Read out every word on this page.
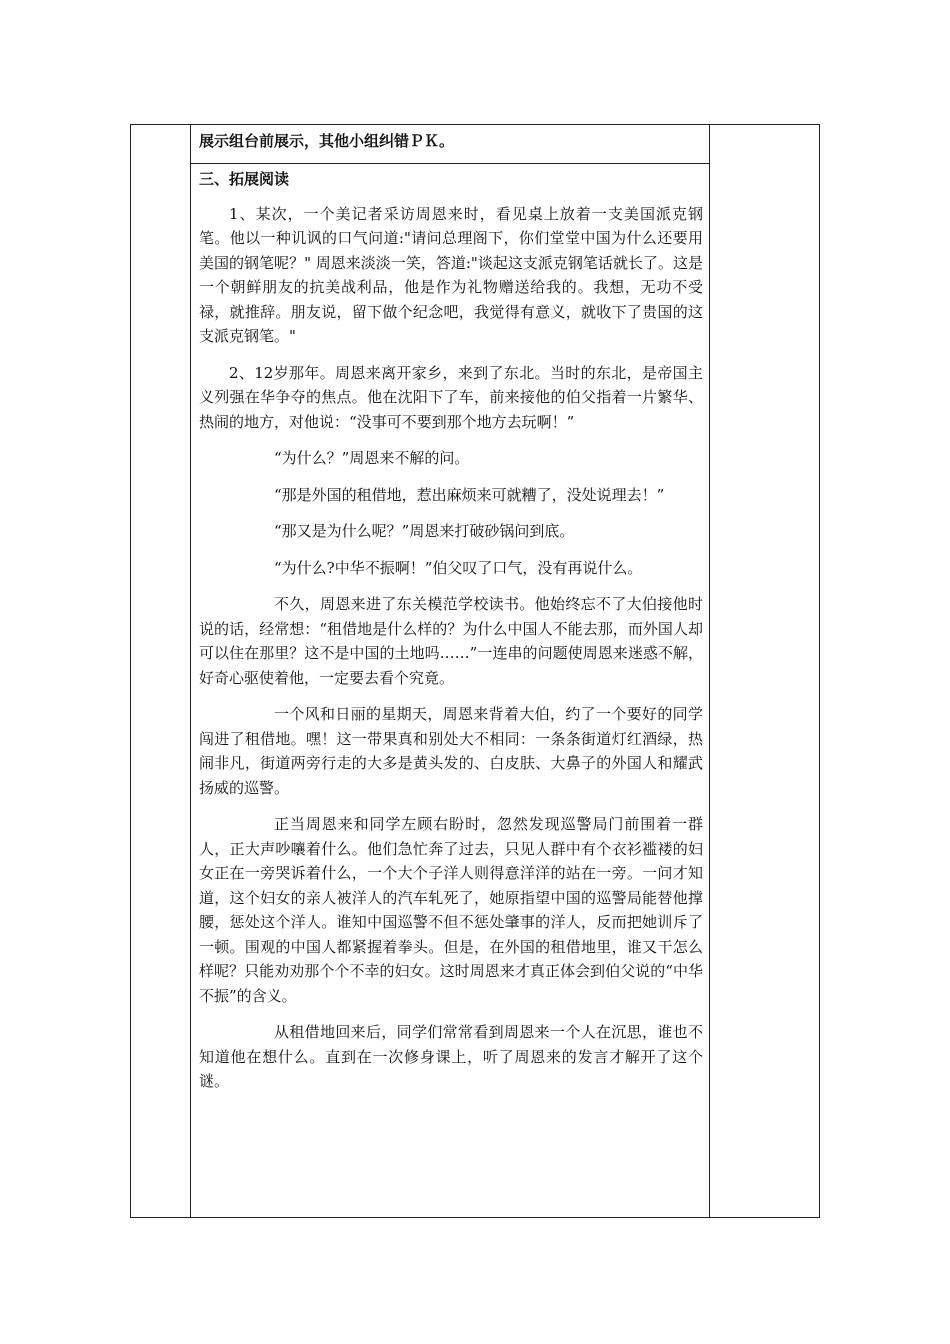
展示组台前展示，其他小组纠错ＰＫ。
三、拓展阅读

1、某次，一个美记者采访周恩来时，看见桌上放着一支美国派克钢笔。他以一种讥讽的口气问道:"请问总理阁下，你们堂堂中国为什么还要用美国的钢笔呢？" 周恩来淡淡一笑，答道:"谈起这支派克钢笔话就长了。这是一个朝鲜朋友的抗美战利品，他是作为礼物赠送给我的。我想，无功不受禄，就推辞。朋友说，留下做个纪念吧，我觉得有意义，就收下了贵国的这支派克钢笔。"

2、12岁那年。周恩来离开家乡，来到了东北。当时的东北，是帝国主义列强在华争夺的焦点。他在沈阳下了车，前来接他的伯父指着一片繁华、热闹的地方，对他说：“没事可不要到那个地方去玩啊！”

“为什么？”周恩来不解的问。

“那是外国的租借地，惹出麻烦来可就糟了，没处说理去！”

“那又是为什么呢？”周恩来打破砂锅问到底。

“为什么?中华不振啊！”伯父叹了口气，没有再说什么。

不久，周恩来进了东关模范学校读书。他始终忘不了大伯接他时说的话，经常想：“租借地是什么样的？为什么中国人不能去那，而外国人却可以住在那里？这不是中国的土地吗……”一连串的问题使周恩来迷惑不解，好奇心驱使着他，一定要去看个究竟。

一个风和日丽的星期天，周恩来背着大伯，约了一个要好的同学闯进了租借地。嘿！这一带果真和别处大不相同：一条条街道灯红酒绿，热闹非凡，街道两旁行走的大多是黄头发的、白皮肤、大鼻子的外国人和耀武扬威的巡警。

正当周恩来和同学左顾右盼时，忽然发现巡警局门前围着一群人，正大声吵嚷着什么。他们急忙奔了过去，只见人群中有个衣衫褴褛的妇女正在一旁哭诉着什么，一个大个子洋人则得意洋洋的站在一旁。一问才知道，这个妇女的亲人被洋人的汽车轧死了，她原指望中国的巡警局能替他撑腰，惩处这个洋人。谁知中国巡警不但不惩处肇事的洋人，反而把她训斥了一顿。围观的中国人都紧握着拳头。但是，在外国的租借地里，谁又干怎么样呢？只能劝劝那个个不幸的妇女。这时周恩来才真正体会到伯父说的“中华不振”的含义。

从租借地回来后，同学们常常看到周恩来一个人在沉思，谁也不知道他在想什么。直到在一次修身课上，听了周恩来的发言才解开了这个谜。
